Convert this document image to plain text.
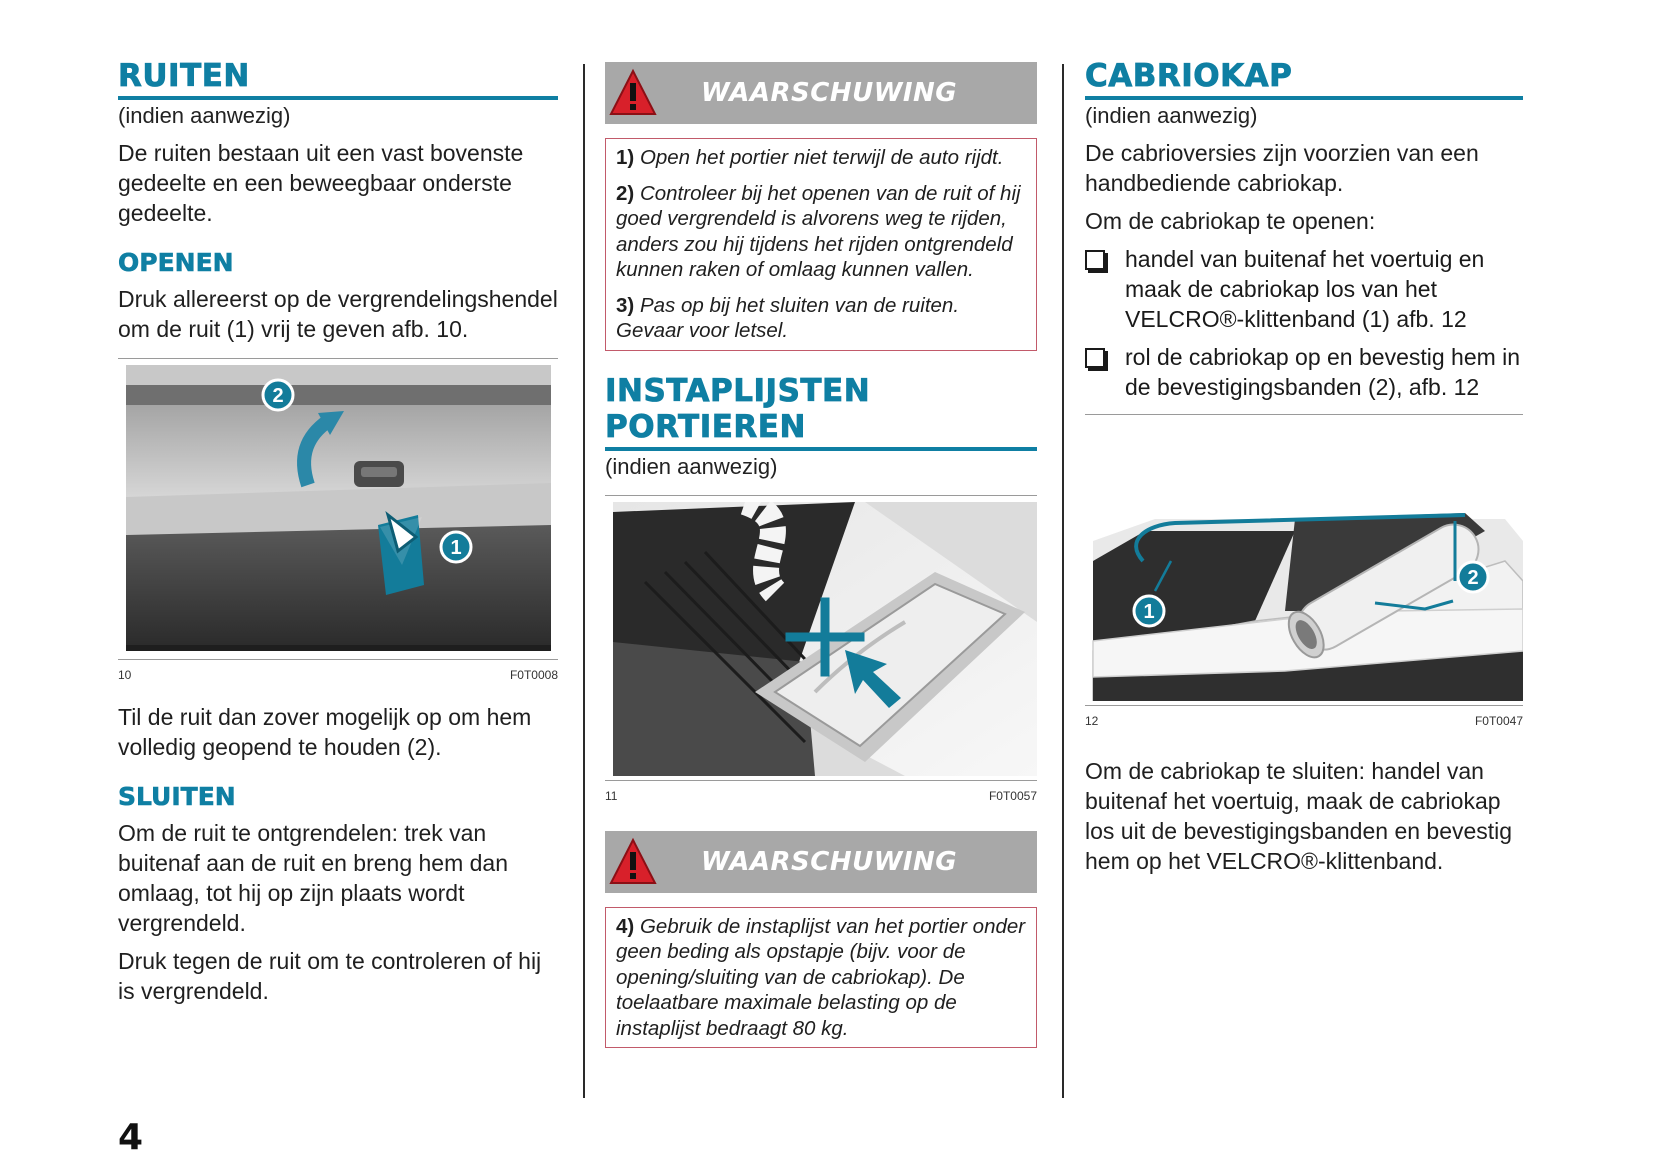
RUITEN
(indien aanwezig)

De ruiten bestaan uit een vast bovenste gedeelte en een beweegbaar onderste gedeelte.

OPENEN

Druk allereerst op de vergrendelingshendel om de ruit (1) vrij te geven afb. 10.

2
1
10	F0T0008

Til de ruit dan zover mogelijk op om hem volledig geopend te houden (2).

SLUITEN

Om de ruit te ontgrendelen: trek van buitenaf aan de ruit en breng hem dan omlaag, tot hij op zijn plaats wordt vergrendeld.

Druk tegen de ruit om te controleren of hij is vergrendeld.

WAARSCHUWING

1) Open het portier niet terwijl de auto rijdt.

2) Controleer bij het openen van de ruit of hij goed vergrendeld is alvorens weg te rijden, anders zou hij tijdens het rijden ontgrendeld kunnen raken of omlaag kunnen vallen.

3) Pas op bij het sluiten van de ruiten. Gevaar voor letsel.

INSTAPLIJSTEN
PORTIEREN
(indien aanwezig)
11	F0T0057
WAARSCHUWING

4) Gebruik de instaplijst van het portier onder geen beding als opstapje (bijv. voor de opening/sluiting van de cabriokap). De toelaatbare maximale belasting op de instaplijst bedraagt 80 kg.

CABRIOKAP
(indien aanwezig)

De cabrioversies zijn voorzien van een handbediende cabriokap.

Om de cabriokap te openen:

handel van buitenaf het voertuig en maak de cabriokap los van het VELCRO®-klittenband (1) afb. 12
rol de cabriokap op en bevestig hem in de bevestigingsbanden (2), afb. 12
1
2
12	F0T0047

Om de cabriokap te sluiten: handel van buitenaf het voertuig, maak de cabriokap los uit de bevestigingsbanden en bevestig hem op het VELCRO®-klittenband.

4
